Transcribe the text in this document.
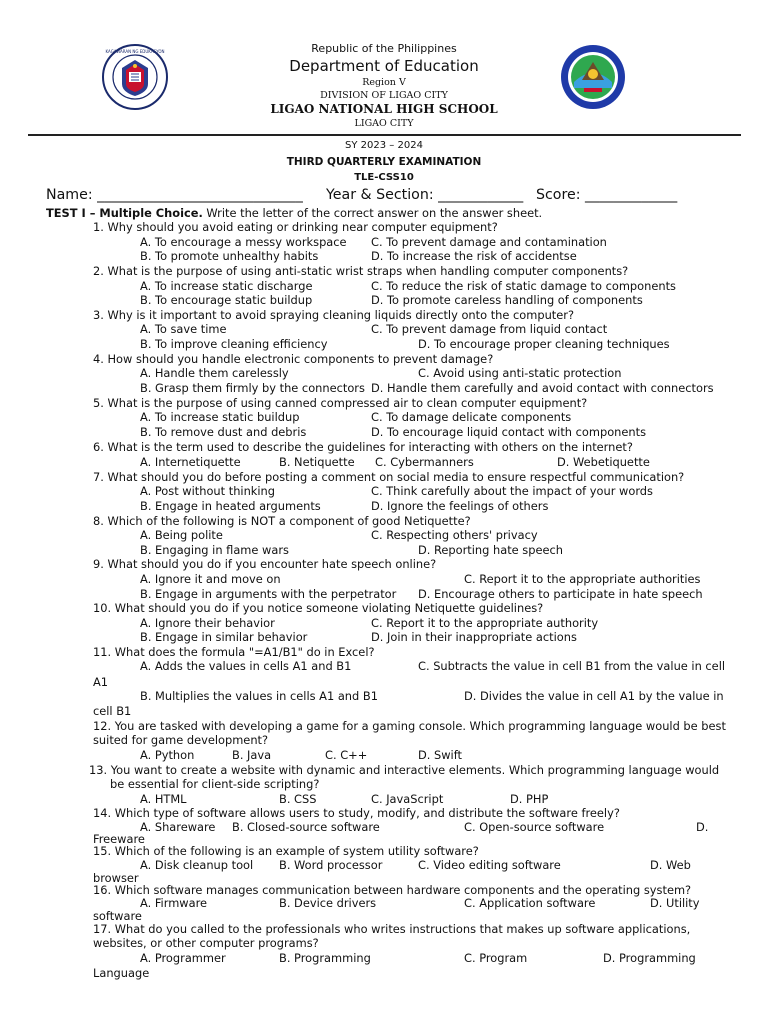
KAGAWARAN NG EDUKASYON	Republic of the Philippines
Department of Education
Region V
DIVISION OF LIGAO CITY
LIGAO NATIONAL HIGH SCHOOL
LIGAO CITY
SY 2023 – 2024
THIRD QUARTERLY EXAMINATION
TLE-CSS10
Name: _____________________________ Year & Section: ____________ Score: _____________
TEST I – Multiple Choice. Write the letter of the correct answer on the answer sheet.
1. Why should you avoid eating or drinking near computer equipment?
A. To encourage a messy workspace C. To prevent damage and contamination
B. To promote unhealthy habits	D. To increase the risk of accidentse
2. What is the purpose of using anti-static wrist straps when handling computer components?
A. To increase static discharge	C. To reduce the risk of static damage to components
B. To encourage static buildup	D. To promote careless handling of components
3. Why is it important to avoid spraying cleaning liquids directly onto the computer?
A. To save time	C. To prevent damage from liquid contact
B. To improve cleaning efficiency	D. To encourage proper cleaning techniques
4. How should you handle electronic components to prevent damage?
A. Handle them carelessly	C. Avoid using anti-static protection
B. Grasp them firmly by the connectors D. Handle them carefully and avoid contact with connectors
5. What is the purpose of using canned compressed air to clean computer equipment?
A. To increase static buildup	C. To damage delicate components
B. To remove dust and debris	D. To encourage liquid contact with components
6. What is the term used to describe the guidelines for interacting with others on the internet?
A. Internetiquette	B. Netiquette C. Cybermanners	D. Webetiquette
7. What should you do before posting a comment on social media to ensure respectful communication?
A. Post without thinking	C. Think carefully about the impact of your words
B. Engage in heated arguments	D. Ignore the feelings of others
8. Which of the following is NOT a component of good Netiquette?
A. Being polite	C. Respecting others' privacy
B. Engaging in flame wars	D. Reporting hate speech
9. What should you do if you encounter hate speech online?
A. Ignore it and move on	C. Report it to the appropriate authorities
B. Engage in arguments with the perpetrator D. Encourage others to participate in hate speech
10. What should you do if you notice someone violating Netiquette guidelines?
A. Ignore their behavior	C. Report it to the appropriate authority
B. Engage in similar behavior	D. Join in their inappropriate actions
11. What does the formula "=A1/B1" do in Excel?
A. Adds the values in cells A1 and B1	C. Subtracts the value in cell B1 from the value in cell
A1
B. Multiplies the values in cells A1 and B1	D. Divides the value in cell A1 by the value in
cell B1
12. You are tasked with developing a game for a gaming console. Which programming language would be best
suited for game development?
A. Python	B. Java	C. C++	D. Swift
13. You want to create a website with dynamic and interactive elements. Which programming language would
be essential for client-side scripting?
A. HTML	B. CSS	C. JavaScript	D. PHP
14. Which type of software allows users to study, modify, and distribute the software freely?
A. Shareware B. Closed-source software	C. Open-source software	D.
Freeware
15. Which of the following is an example of system utility software?
A. Disk cleanup tool B. Word processor	C. Video editing software	D. Web
browser
16. Which software manages communication between hardware components and the operating system?
A. Firmware	B. Device drivers	C. Application software	D. Utility
software
17. What do you called to the professionals who writes instructions that makes up software applications,
websites, or other computer programs?
A. Programmer	B. Programming	C. Program	D. Programming
Language
